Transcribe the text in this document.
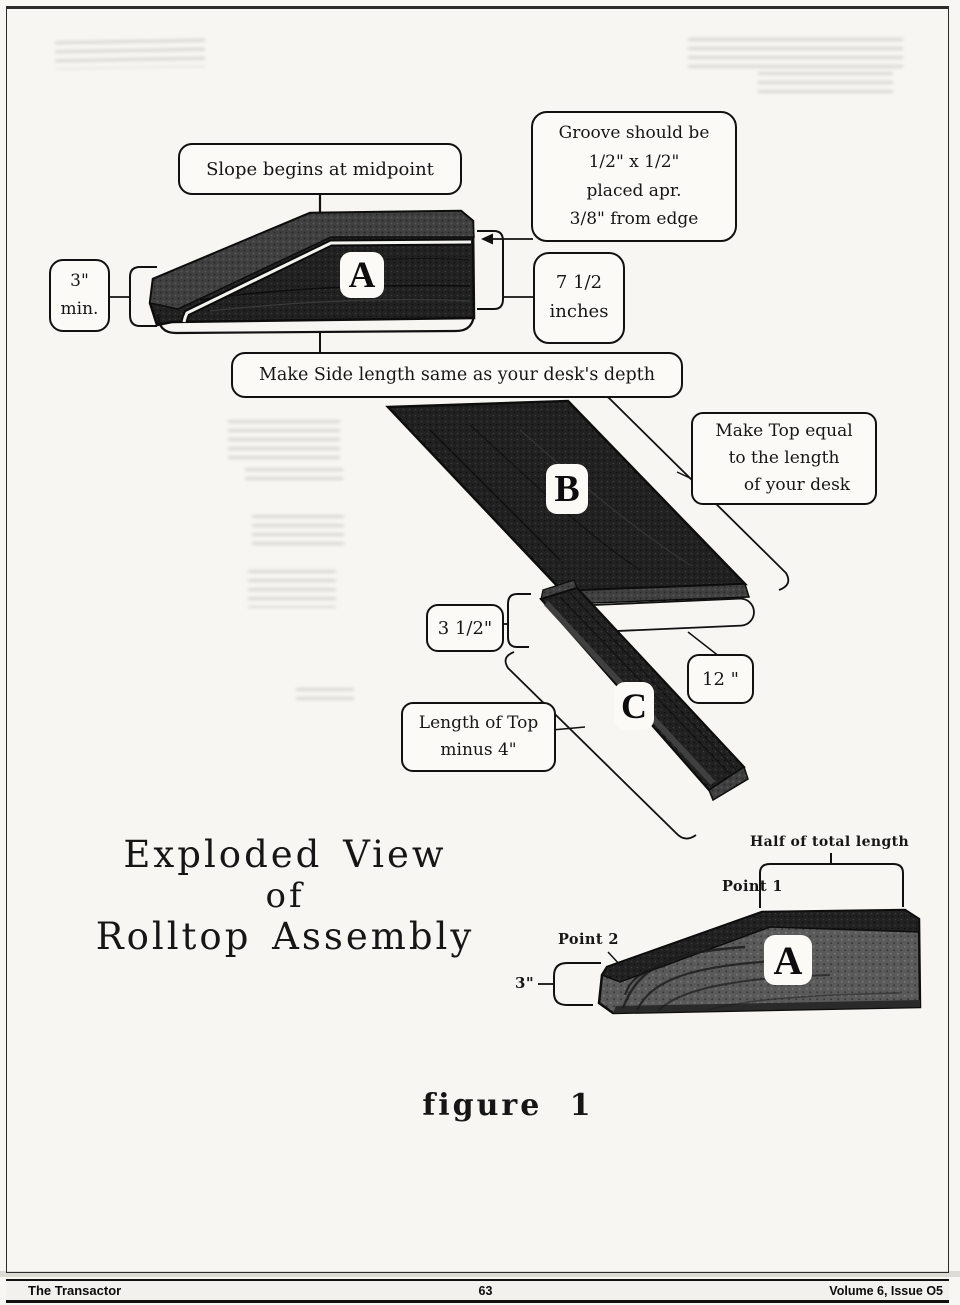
Slope begins at midpoint
Groove should be
1/2" x 1/2"
placed apr.
3/8" from edge
3"
min.
7 1/2
inches
Make Side length same as your desk's depth
Make Top equal
to the length
of your desk
3 1/2"
12 "
Length of Top
minus 4"
A
B
C
A
Half of total length
Point 1
Point 2
3"
Exploded View
of
Rolltop Assembly
figure 1
The Transactor	63	Volume 6, Issue O5
